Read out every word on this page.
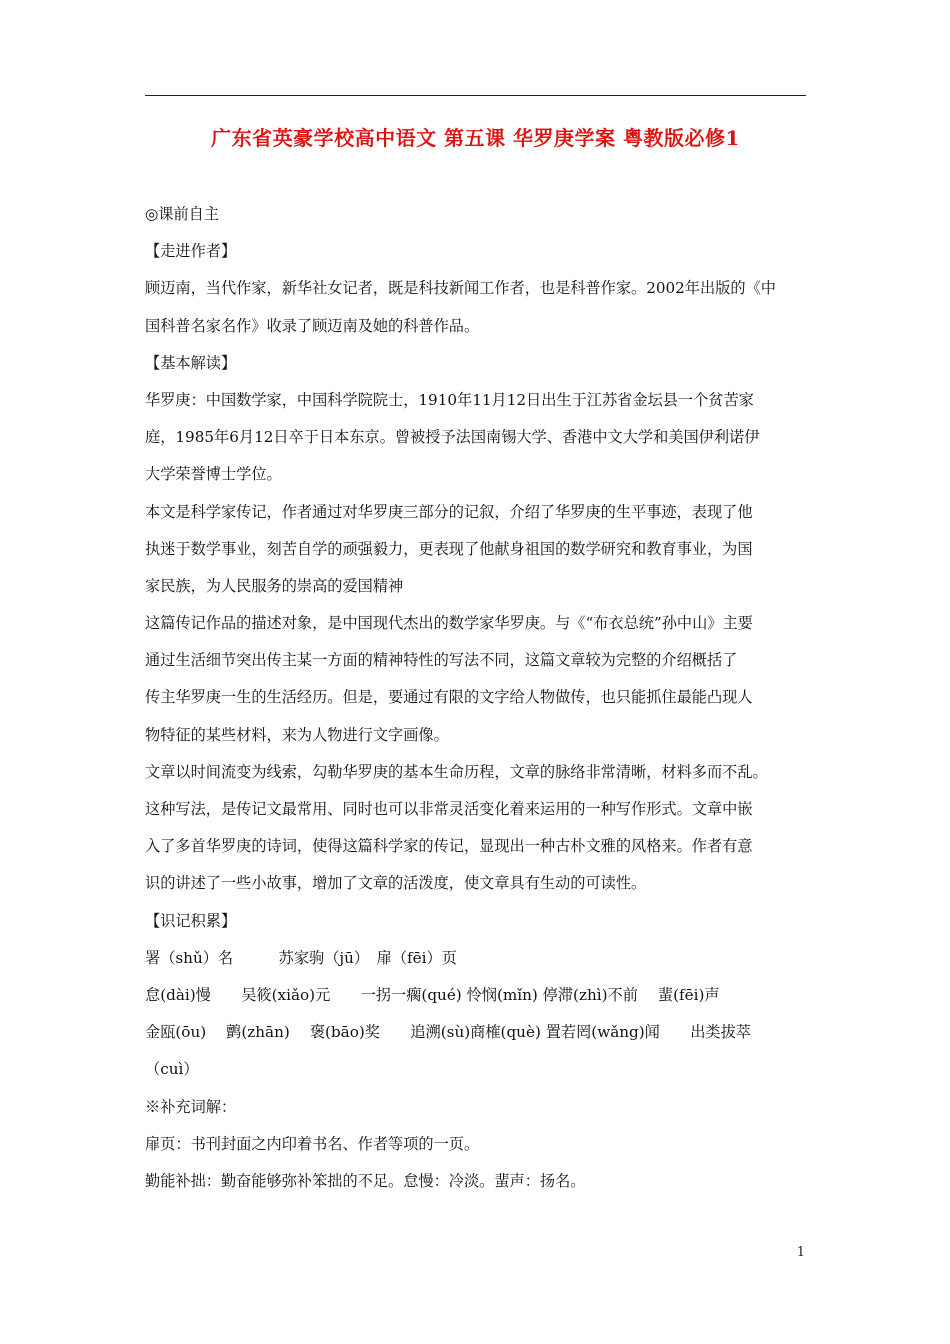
广东省英豪学校高中语文 第五课 华罗庚学案 粤教版必修1
◎课前自主
【走进作者】
顾迈南，当代作家，新华社女记者，既是科技新闻工作者，也是科普作家。2002年出版的《中
国科普名家名作》收录了顾迈南及她的科普作品。
【基本解读】
华罗庚：中国数学家，中国科学院院士，1910年11月12日出生于江苏省金坛县一个贫苦家
庭，1985年6月12日卒于日本东京。曾被授予法国南锡大学、香港中文大学和美国伊利诺伊
大学荣誉博士学位。
本文是科学家传记，作者通过对华罗庚三部分的记叙，介绍了华罗庚的生平事迹，表现了他
执迷于数学事业，刻苦自学的顽强毅力，更表现了他献身祖国的数学研究和教育事业，为国
家民族，为人民服务的崇高的爱国精神
这篇传记作品的描述对象，是中国现代杰出的数学家华罗庚。与《“布衣总统”孙中山》主要
通过生活细节突出传主某一方面的精神特性的写法不同，这篇文章较为完整的介绍概括了
传主华罗庚一生的生活经历。但是，要通过有限的文字给人物做传，也只能抓住最能凸现人
物特征的某些材料，来为人物进行文字画像。
文章以时间流变为线索，勾勒华罗庚的基本生命历程，文章的脉络非常清晰，材料多而不乱。
这种写法，是传记文最常用、同时也可以非常灵活变化着来运用的一种写作形式。文章中嵌
入了多首华罗庚的诗词，使得这篇科学家的传记，显现出一种古朴文雅的风格来。作者有意
识的讲述了一些小故事，增加了文章的活泼度，使文章具有生动的可读性。
【识记积累】
署（shǔ）名　　　苏家驹（jū）　扉（fēi）页
怠(dài)慢　　吴筱(xiǎo)元　　一拐一瘸(qué) 怜悯(mǐn) 停滞(zhì)不前　 蜚(fēi)声
金瓯(ōu)　 鹯(zhān)　 褒(bāo)奖　　追溯(sù)商榷(què) 置若罔(wǎng)闻　　出类拔萃
（cuì）
※补充词解：
扉页：书刊封面之内印着书名、作者等项的一页。
勤能补拙：勤奋能够弥补笨拙的不足。怠慢：冷淡。蜚声：扬名。
1
